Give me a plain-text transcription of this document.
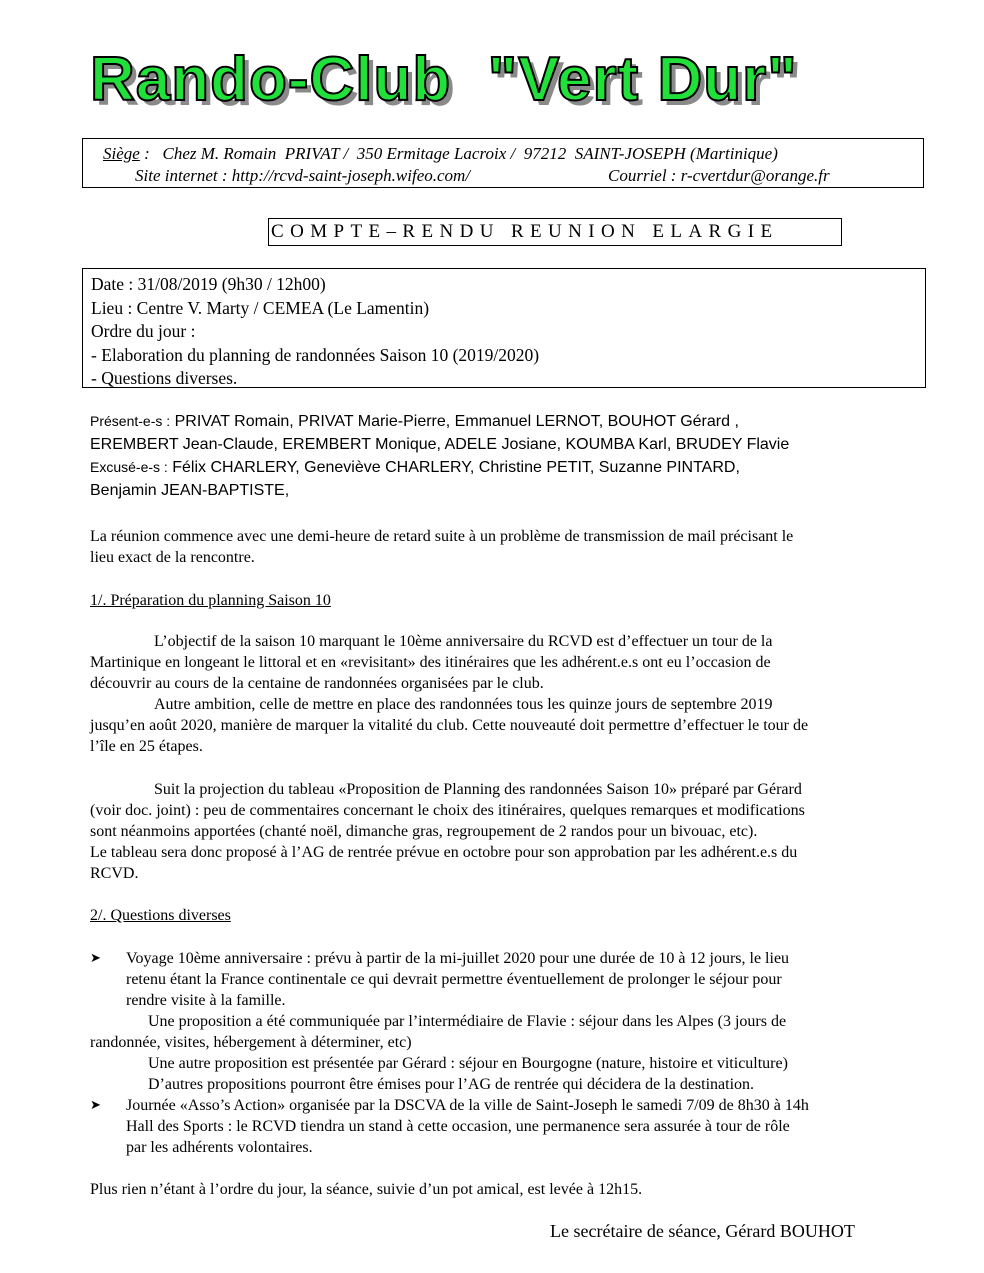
Rando-Club  "Vert Dur"
Siège :   Chez M. Romain  PRIVAT /  350 Ermitage Lacroix /  97212  SAINT-JOSEPH (Martinique)
Site internet : http://rcvd-saint-joseph.wifeo.com/	Courriel : r-cvertdur@orange.fr
COMPTE–RENDU REUNION ELARGIE
Date : 31/08/2019 (9h30 / 12h00)
Lieu : Centre V. Marty / CEMEA (Le Lamentin)
Ordre du jour :
- Elaboration du planning de randonnées Saison 10 (2019/2020)
- Questions diverses.
Présent-e-s : PRIVAT Romain, PRIVAT Marie-Pierre, Emmanuel LERNOT, BOUHOT Gérard ,
EREMBERT Jean-Claude, EREMBERT Monique, ADELE Josiane, KOUMBA Karl, BRUDEY Flavie
Excusé-e-s : Félix CHARLERY, Geneviève CHARLERY, Christine PETIT, Suzanne PINTARD,
Benjamin JEAN-BAPTISTE,
La réunion commence avec une demi-heure de retard suite à un problème de transmission de mail précisant le
lieu exact de la rencontre.
1/. Préparation du planning Saison 10
L’objectif de la saison 10 marquant le 10ème anniversaire du RCVD est d’effectuer un tour de la
Martinique en longeant le littoral et en «revisitant» des itinéraires que les adhérent.e.s ont eu l’occasion de
découvrir au cours de la centaine de randonnées organisées par le club.
Autre ambition, celle de mettre en place des randonnées tous les quinze jours de septembre 2019
jusqu’en août 2020, manière de marquer la vitalité du club. Cette nouveauté doit permettre d’effectuer le tour de
l’île en 25 étapes.
Suit la projection du tableau «Proposition de Planning des randonnées Saison 10» préparé par Gérard
(voir doc. joint) : peu de commentaires concernant le choix des itinéraires, quelques remarques et modifications
sont néanmoins apportées (chanté noël, dimanche gras, regroupement de 2 randos pour un bivouac, etc).
Le tableau sera donc proposé à l’AG de rentrée prévue en octobre pour son approbation par les adhérent.e.s du
RCVD.
2/. Questions diverses
➤	Voyage 10ème anniversaire : prévu à partir de la mi-juillet 2020 pour une durée de 10 à 12 jours, le lieu
retenu étant la France continentale ce qui devrait permettre éventuellement de prolonger le séjour pour
rendre visite à la famille.
Une proposition a été communiquée par l’intermédiaire de Flavie : séjour dans les Alpes (3 jours de
randonnée, visites, hébergement à déterminer, etc)
Une autre proposition est présentée par Gérard : séjour en Bourgogne (nature, histoire et viticulture)
D’autres propositions pourront être émises pour l’AG de rentrée qui décidera de la destination.
➤	Journée «Asso’s Action» organisée par la DSCVA de la ville de Saint-Joseph le samedi 7/09 de 8h30 à 14h
Hall des Sports : le RCVD tiendra un stand à cette occasion, une permanence sera assurée à tour de rôle
par les adhérents volontaires.
Plus rien n’étant à l’ordre du jour, la séance, suivie d’un pot amical, est levée à 12h15.
Le secrétaire de séance, Gérard BOUHOT
